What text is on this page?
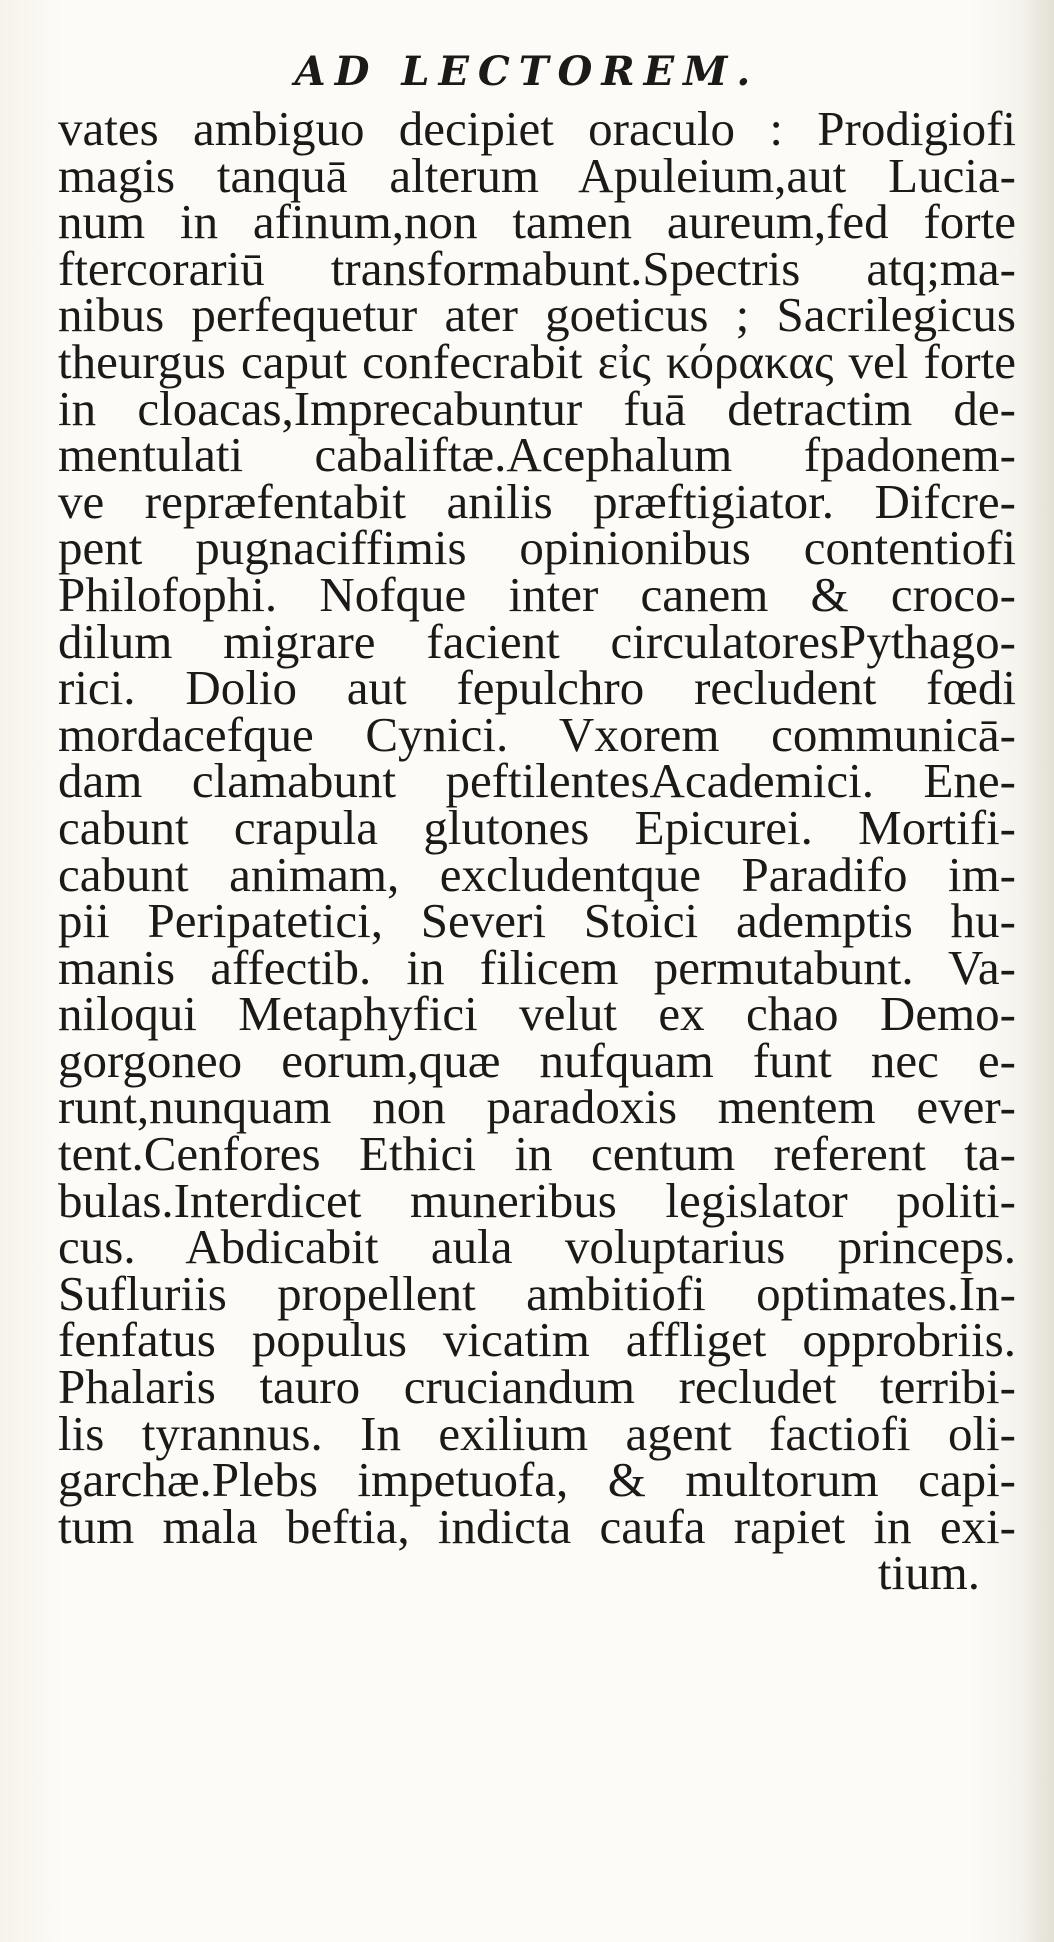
AD LECTOREM.
vates ambiguo decipiet oraculo : Prodigiofi
magis tanquā alterum Apuleium,aut Lucia-
num in afinum,non tamen aureum,fed forte
ftercorariū transformabunt.Spectris atq;ma-
nibus perfequetur ater goeticus ; Sacrilegicus
theurgus caput confecrabit εἰς κόρακας vel forte
in cloacas,Imprecabuntur fuā detractim de-
mentulati cabaliftæ.Acephalum fpadonem-
ve repræfentabit anilis præftigiator. Difcre-
pent pugnaciffimis opinionibus contentiofi
Philofophi. Nofque inter canem & croco-
dilum migrare facient circulatoresPythago-
rici. Dolio aut fepulchro recludent fœdi
mordacefque Cynici. Vxorem communicā-
dam clamabunt peftilentesAcademici. Ene-
cabunt crapula glutones Epicurei. Mortifi-
cabunt animam, excludentque Paradifo im-
pii Peripatetici, Severi Stoici ademptis hu-
manis affectib. in filicem permutabunt. Va-
niloqui Metaphyfici velut ex chao Demo-
gorgoneo eorum,quæ nufquam funt nec e-
runt,nunquam non paradoxis mentem ever-
tent.Cenfores Ethici in centum referent ta-
bulas.Interdicet muneribus legislator politi-
cus. Abdicabit aula voluptarius princeps.
Sufluriis propellent ambitiofi optimates.In-
fenfatus populus vicatim affliget opprobriis.
Phalaris tauro cruciandum recludet terribi-
lis tyrannus. In exilium agent factiofi oli-
garchæ.Plebs impetuofa, & multorum capi-
tum mala beftia, indicta caufa rapiet in exi-
tium.
